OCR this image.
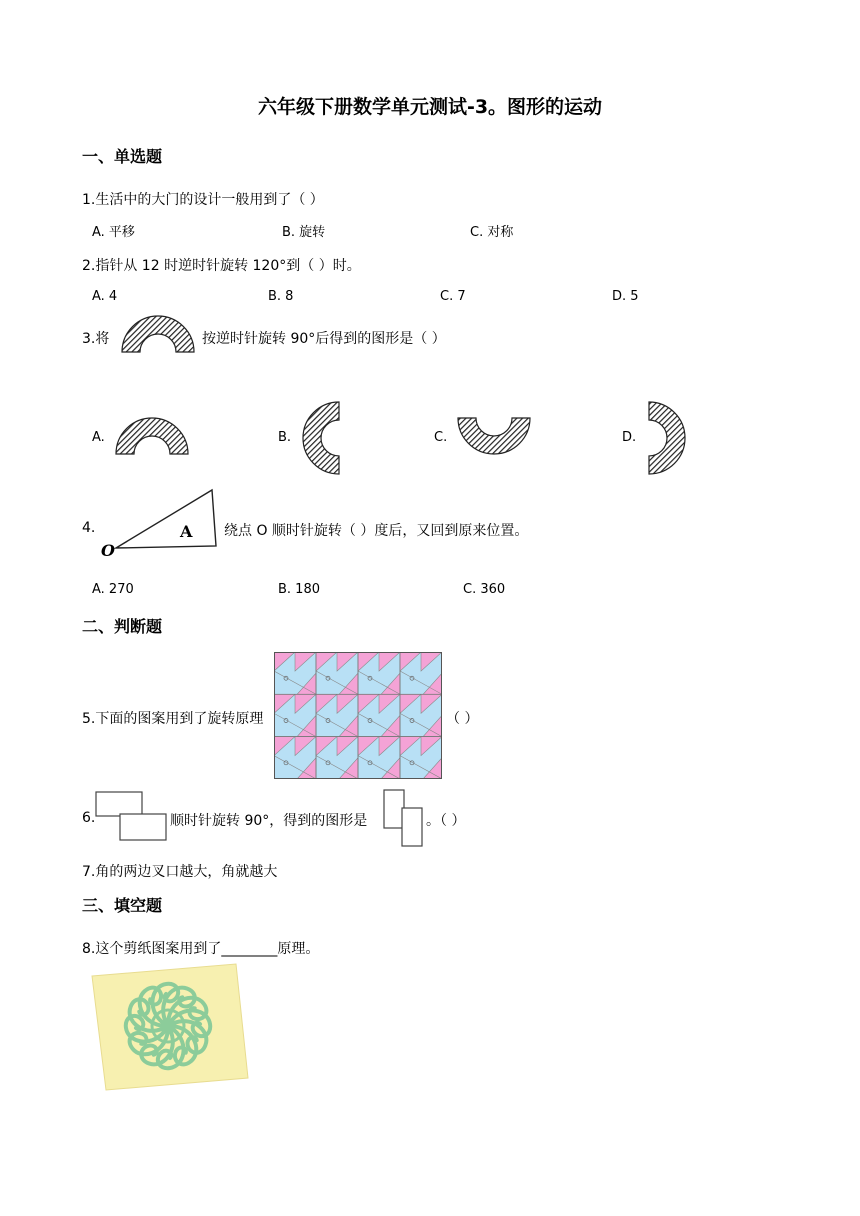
六年级下册数学单元测试-3。图形的运动
一、单选题
1.生活中的大门的设计一般用到了（ ）
A. 平移	B. 旋转	C. 对称
2.指针从 12 时逆时针旋转 120°到（ ）时。
A. 4	B. 8	C. 7	D. 5
3.将	按逆时针旋转 90°后得到的图形是（ ）
A.	B.	C.	D.
4.	A
O
绕点 O 顺时针旋转（ ）度后，又回到原来位置。
A. 270	B. 180	C. 360
二、判断题
5.下面的图案用到了旋转原理	（ ）
6.	顺时针旋转 90°，得到的图形是	。（ ）
7.角的两边叉口越大，角就越大
三、填空题
8.这个剪纸图案用到了________原理。
